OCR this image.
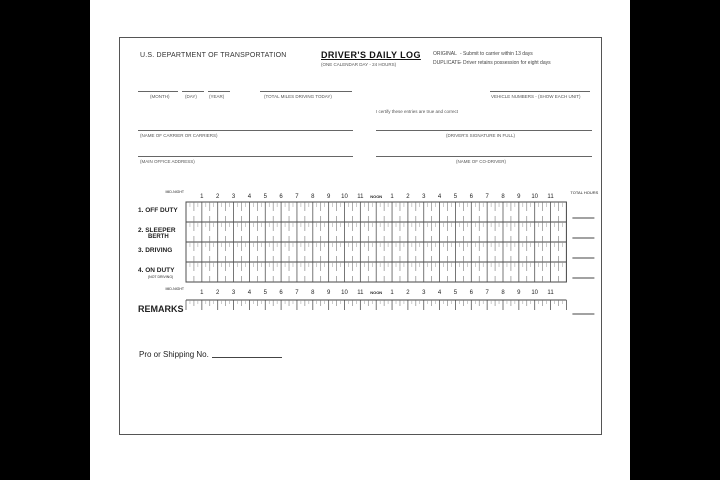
U.S. DEPARTMENT OF TRANSPORTATION	DRIVER'S DAILY LOG
(ONE CALENDAR DAY - 24 HOURS)
ORIGINAL - Submit to carrier within 13 days
DUPLICATE - Driver retains possession for eight days
(MONTH)	(DAY)	(YEAR)	(TOTAL MILES DRIVING TODAY)	VEHICLE NUMBERS - (SHOW EACH UNIT)
I certify these entries are true and correct
(NAME OF CARRIER OR CARRIERS)	(DRIVER'S SIGNATURE IN FULL)
(MAIN OFFICE ADDRESS)	(NAME OF CO-DRIVER)
MID-NIGHT
1 2 3 4 5 6 7 8 9 10 11 NOON 1 2 3 4 5 6 7 8 9 10 11
TOTAL HOURS
1. OFF DUTY
2. SLEEPER
BERTH
3. DRIVING
4. ON DUTY
(NOT DRIVING)
MID-NIGHT
1 2 3 4 5 6 7 8 9 10 11 NOON 1 2 3 4 5 6 7 8 9 10 11
REMARKS
Pro or Shipping No.
